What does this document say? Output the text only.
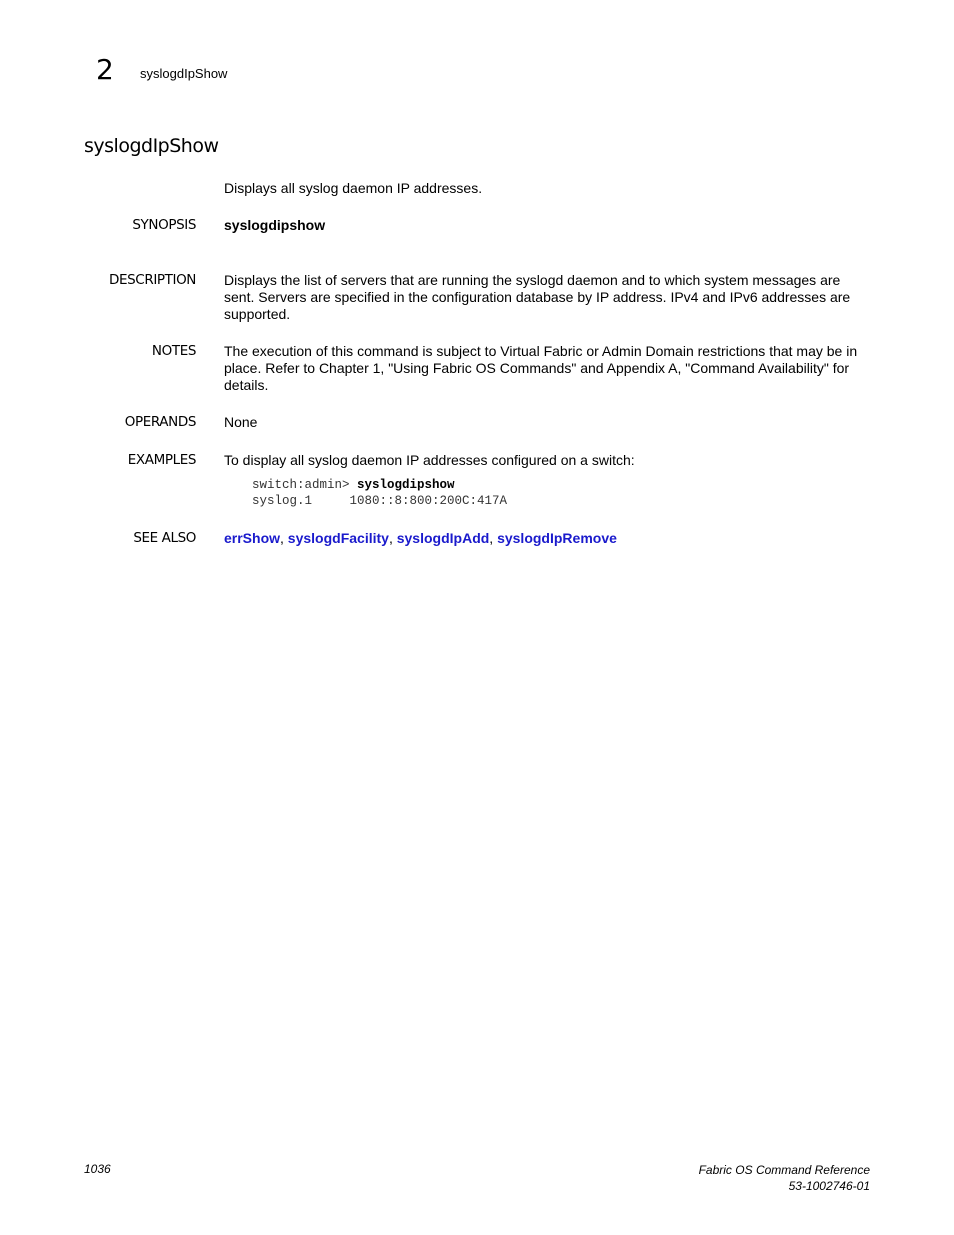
2 syslogdIpShow
syslogdIpShow
Displays all syslog daemon IP addresses.
SYNOPSIS syslogdipshow
DESCRIPTION Displays the list of servers that are running the syslogd daemon and to which system messages are sent. Servers are specified in the configuration database by IP address. IPv4 and IPv6 addresses are supported.
NOTES The execution of this command is subject to Virtual Fabric or Admin Domain restrictions that may be in place. Refer to Chapter 1, "Using Fabric OS Commands" and Appendix A, "Command Availability" for details.
OPERANDS None
EXAMPLES To display all syslog daemon IP addresses configured on a switch:
switch:admin> syslogdipshow
syslog.1     1080::8:800:200C:417A
SEE ALSO errShow, syslogdFacility, syslogdIpAdd, syslogdIpRemove
1036	Fabric OS Command Reference
53-1002746-01
